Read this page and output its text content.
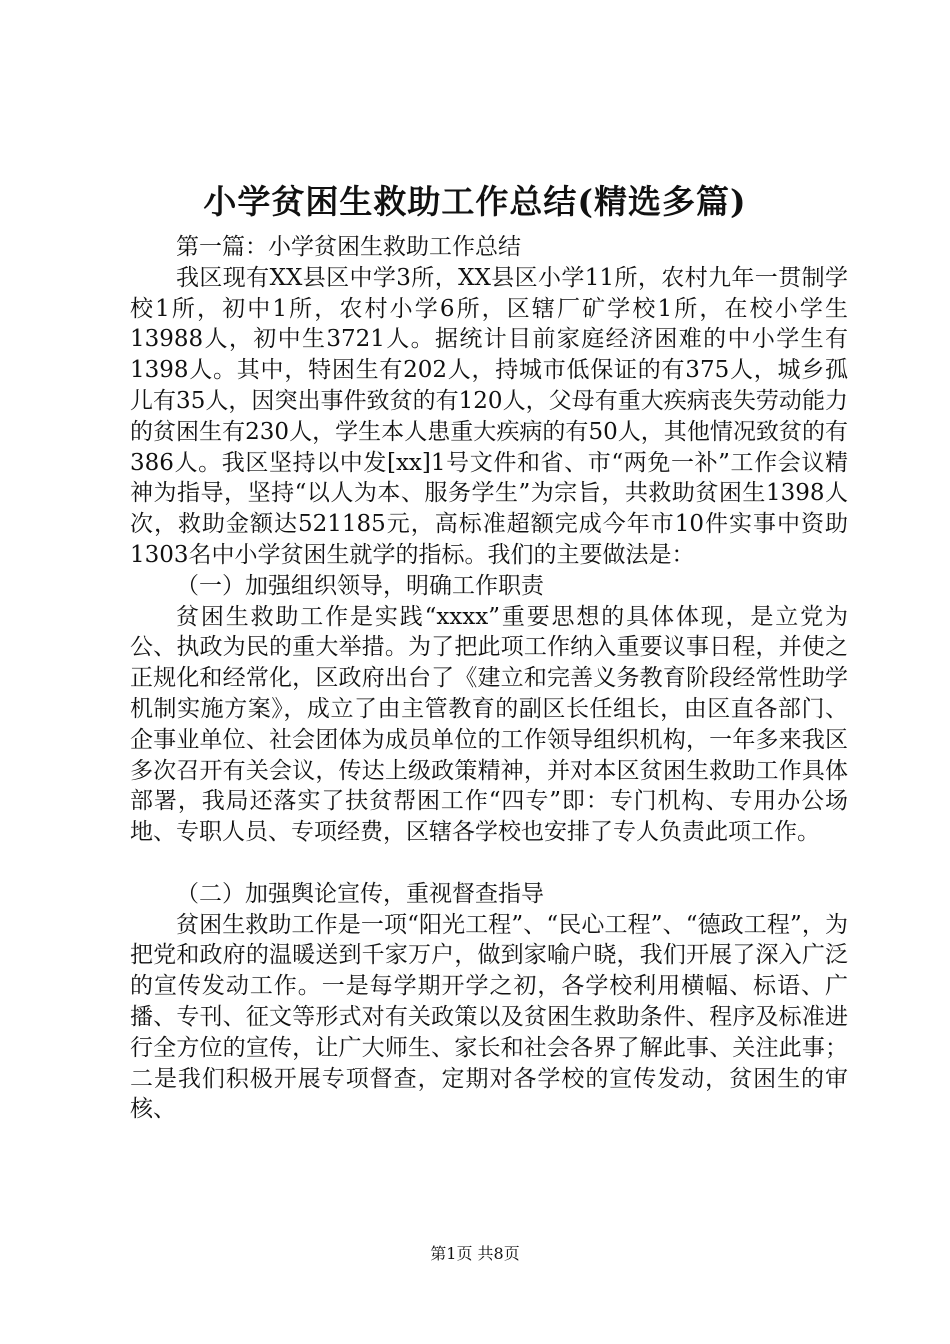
小学贫困生救助工作总结(精选多篇)

第一篇：小学贫困生救助工作总结

我区现有XX县区中学3所，XX县区小学11所，农村九年一贯制学校1所，初中1所，农村小学6所，区辖厂矿学校1所，在校小学生13988人，初中生3721人。据统计目前家庭经济困难的中小学生有1398人。其中，特困生有202人，持城市低保证的有375人，城乡孤儿有35人，因突出事件致贫的有120人，父母有重大疾病丧失劳动能力的贫困生有230人，学生本人患重大疾病的有50人，其他情况致贫的有386人。我区坚持以中发[xx]1号文件和省、市“两免一补”工作会议精神为指导，坚持“以人为本、服务学生”为宗旨，共救助贫困生1398人次，救助金额达521185元，高标准超额完成今年市10件实事中资助1303名中小学贫困生就学的指标。我们的主要做法是：

（一）加强组织领导，明确工作职责

贫困生救助工作是实践“xxxx”重要思想的具体体现，是立党为公、执政为民的重大举措。为了把此项工作纳入重要议事日程，并使之正规化和经常化，区政府出台了《建立和完善义务教育阶段经常性助学机制实施方案》，成立了由主管教育的副区长任组长，由区直各部门、企事业单位、社会团体为成员单位的工作领导组织机构，一年多来我区多次召开有关会议，传达上级政策精神，并对本区贫困生救助工作具体部署，我局还落实了扶贫帮困工作“四专”即：专门机构、专用办公场地、专职人员、专项经费，区辖各学校也安排了专人负责此项工作。

（二）加强舆论宣传，重视督查指导

贫困生救助工作是一项“阳光工程”、“民心工程”、“德政工程”，为把党和政府的温暖送到千家万户，做到家喻户晓，我们开展了深入广泛的宣传发动工作。一是每学期开学之初，各学校利用横幅、标语、广播、专刊、征文等形式对有关政策以及贫困生救助条件、程序及标准进行全方位的宣传，让广大师生、家长和社会各界了解此事、关注此事；二是我们积极开展专项督查，定期对各学校的宣传发动，贫困生的审核、

第1页 共8页
